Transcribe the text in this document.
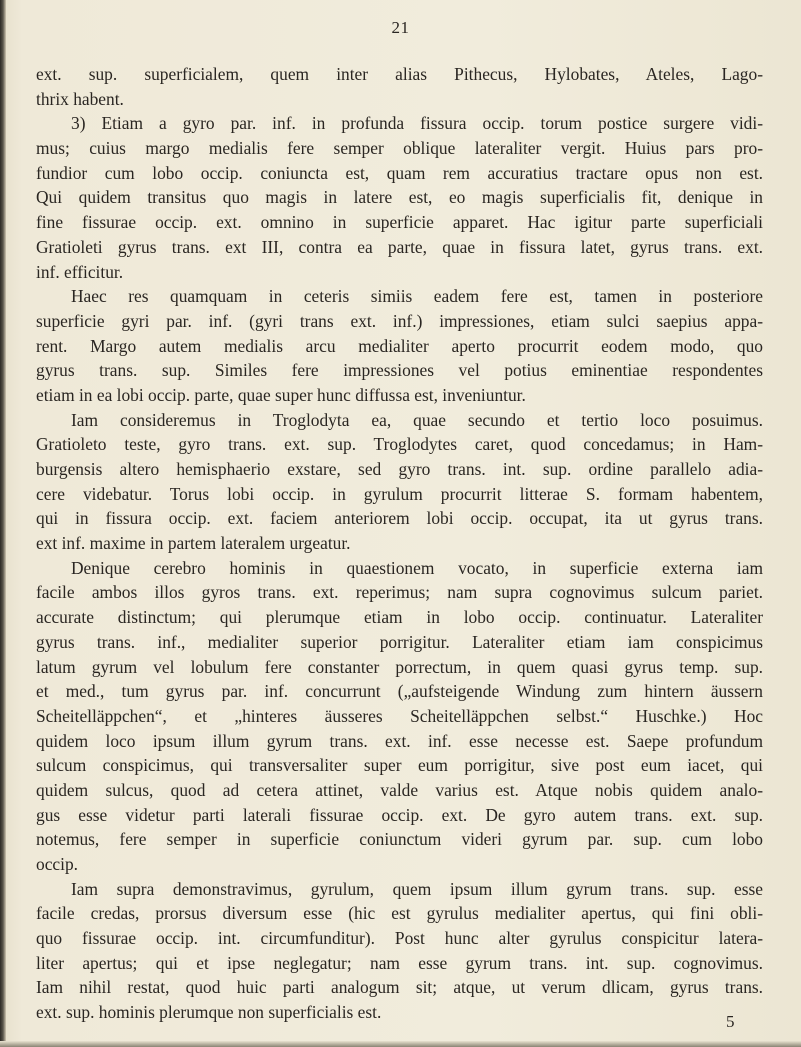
21
ext. sup. superficialem, quem inter alias Pithecus, Hylobates, Ateles, Lago-
thrix habent.
3) Etiam a gyro par. inf. in profunda fissura occip. torum postice surgere vidi-
mus; cuius margo medialis fere semper oblique lateraliter vergit. Huius pars pro-
fundior cum lobo occip. coniuncta est, quam rem accuratius tractare opus non est.
Qui quidem transitus quo magis in latere est, eo magis superficialis fit, denique in
fine fissurae occip. ext. omnino in superficie apparet. Hac igitur parte superficiali
Gratioleti gyrus trans. ext III, contra ea parte, quae in fissura latet, gyrus trans. ext.
inf. efficitur.
Haec res quamquam in ceteris simiis eadem fere est, tamen in posteriore
superficie gyri par. inf. (gyri trans ext. inf.) impressiones, etiam sulci saepius appa-
rent. Margo autem medialis arcu medialiter aperto procurrit eodem modo, quo
gyrus trans. sup. Similes fere impressiones vel potius eminentiae respondentes
etiam in ea lobi occip. parte, quae super hunc diffussa est, inveniuntur.
Iam consideremus in Troglodyta ea, quae secundo et tertio loco posuimus.
Gratioleto teste, gyro trans. ext. sup. Troglodytes caret, quod concedamus; in Ham-
burgensis altero hemisphaerio exstare, sed gyro trans. int. sup. ordine parallelo adia-
cere videbatur. Torus lobi occip. in gyrulum procurrit litterae S. formam habentem,
qui in fissura occip. ext. faciem anteriorem lobi occip. occupat, ita ut gyrus trans.
ext inf. maxime in partem lateralem urgeatur.
Denique cerebro hominis in quaestionem vocato, in superficie externa iam
facile ambos illos gyros trans. ext. reperimus; nam supra cognovimus sulcum pariet.
accurate distinctum; qui plerumque etiam in lobo occip. continuatur. Lateraliter
gyrus trans. inf., medialiter superior porrigitur. Lateraliter etiam iam conspicimus
latum gyrum vel lobulum fere constanter porrectum, in quem quasi gyrus temp. sup.
et med., tum gyrus par. inf. concurrunt („aufsteigende Windung zum hintern äussern
Scheitelläppchen“, et „hinteres äusseres Scheitelläppchen selbst.“ Huschke.) Hoc
quidem loco ipsum illum gyrum trans. ext. inf. esse necesse est. Saepe profundum
sulcum conspicimus, qui transversaliter super eum porrigitur, sive post eum iacet, qui
quidem sulcus, quod ad cetera attinet, valde varius est. Atque nobis quidem analo-
gus esse videtur parti laterali fissurae occip. ext. De gyro autem trans. ext. sup.
notemus, fere semper in superficie coniunctum videri gyrum par. sup. cum lobo
occip.
Iam supra demonstravimus, gyrulum, quem ipsum illum gyrum trans. sup. esse
facile credas, prorsus diversum esse (hic est gyrulus medialiter apertus, qui fini obli-
quo fissurae occip. int. circumfunditur). Post hunc alter gyrulus conspicitur latera-
liter apertus; qui et ipse neglegatur; nam esse gyrum trans. int. sup. cognovimus.
Iam nihil restat, quod huic parti analogum sit; atque, ut verum dlicam, gyrus trans.
ext. sup. hominis plerumque non superficialis est.	5
